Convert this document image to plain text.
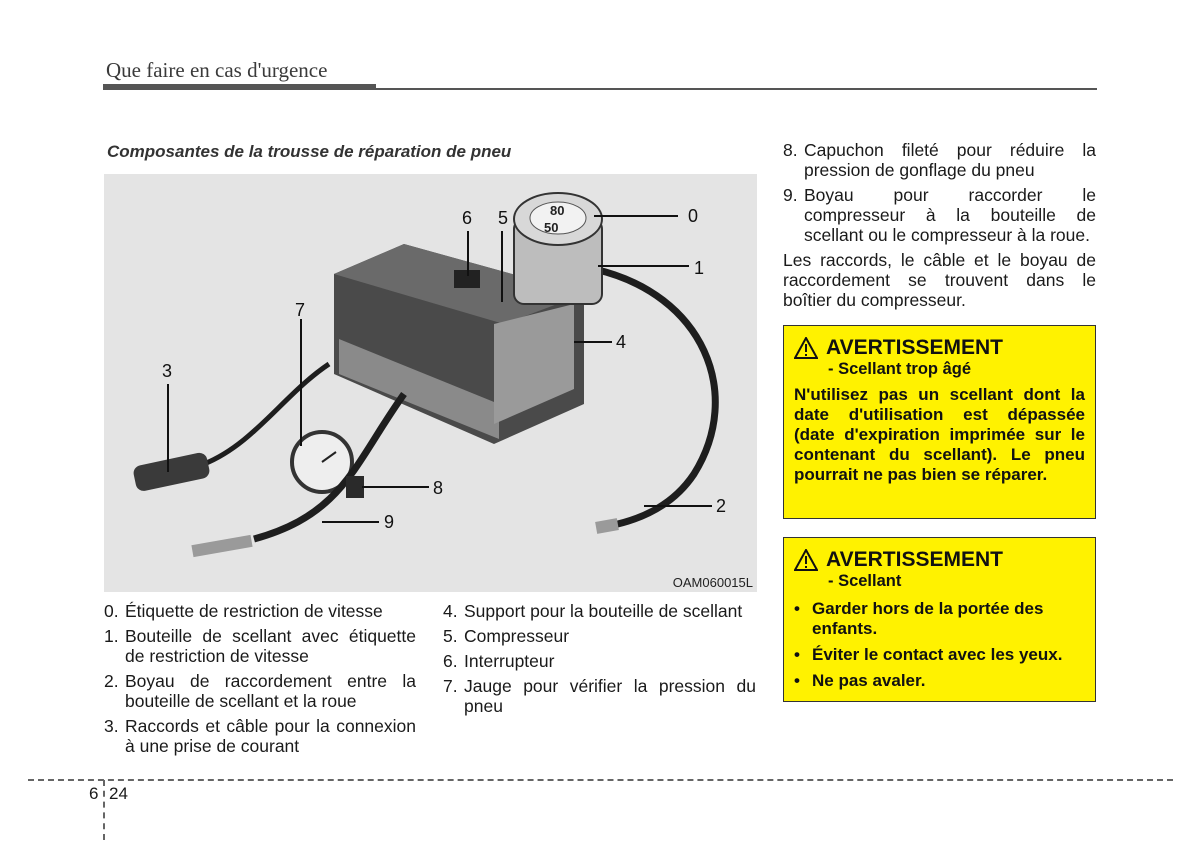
Que faire en cas d'urgence
Composantes de la trousse de réparation de pneu
80
50
0
1
2
3
4
5
6
7
8
9
OAM060015L
0. Étiquette de restriction de vitesse
1. Bouteille de scellant avec étiquette de restriction de vitesse
2. Boyau de raccordement entre la bouteille de scellant et la roue
3. Raccords et câble pour la connexion à une prise de courant
4. Support pour la bouteille de scellant
5. Compresseur
6. Interrupteur
7. Jauge pour vérifier la pression du pneu
8. Capuchon fileté pour réduire la pression de gonflage du pneu
9. Boyau pour raccorder le compresseur à la bouteille de scellant ou le compresseur à la roue.
Les raccords, le câble et le boyau de raccordement se trouvent dans le boîtier du compresseur.
AVERTISSEMENT
- Scellant trop âgé
N'utilisez pas un scellant dont la date d'utilisation est dépassée (date d'expiration imprimée sur le contenant du scellant). Le pneu pourrait ne pas bien se réparer.
AVERTISSEMENT
- Scellant
• Garder hors de la portée des enfants.
• Éviter le contact avec les yeux.
• Ne pas avaler.
6 24
